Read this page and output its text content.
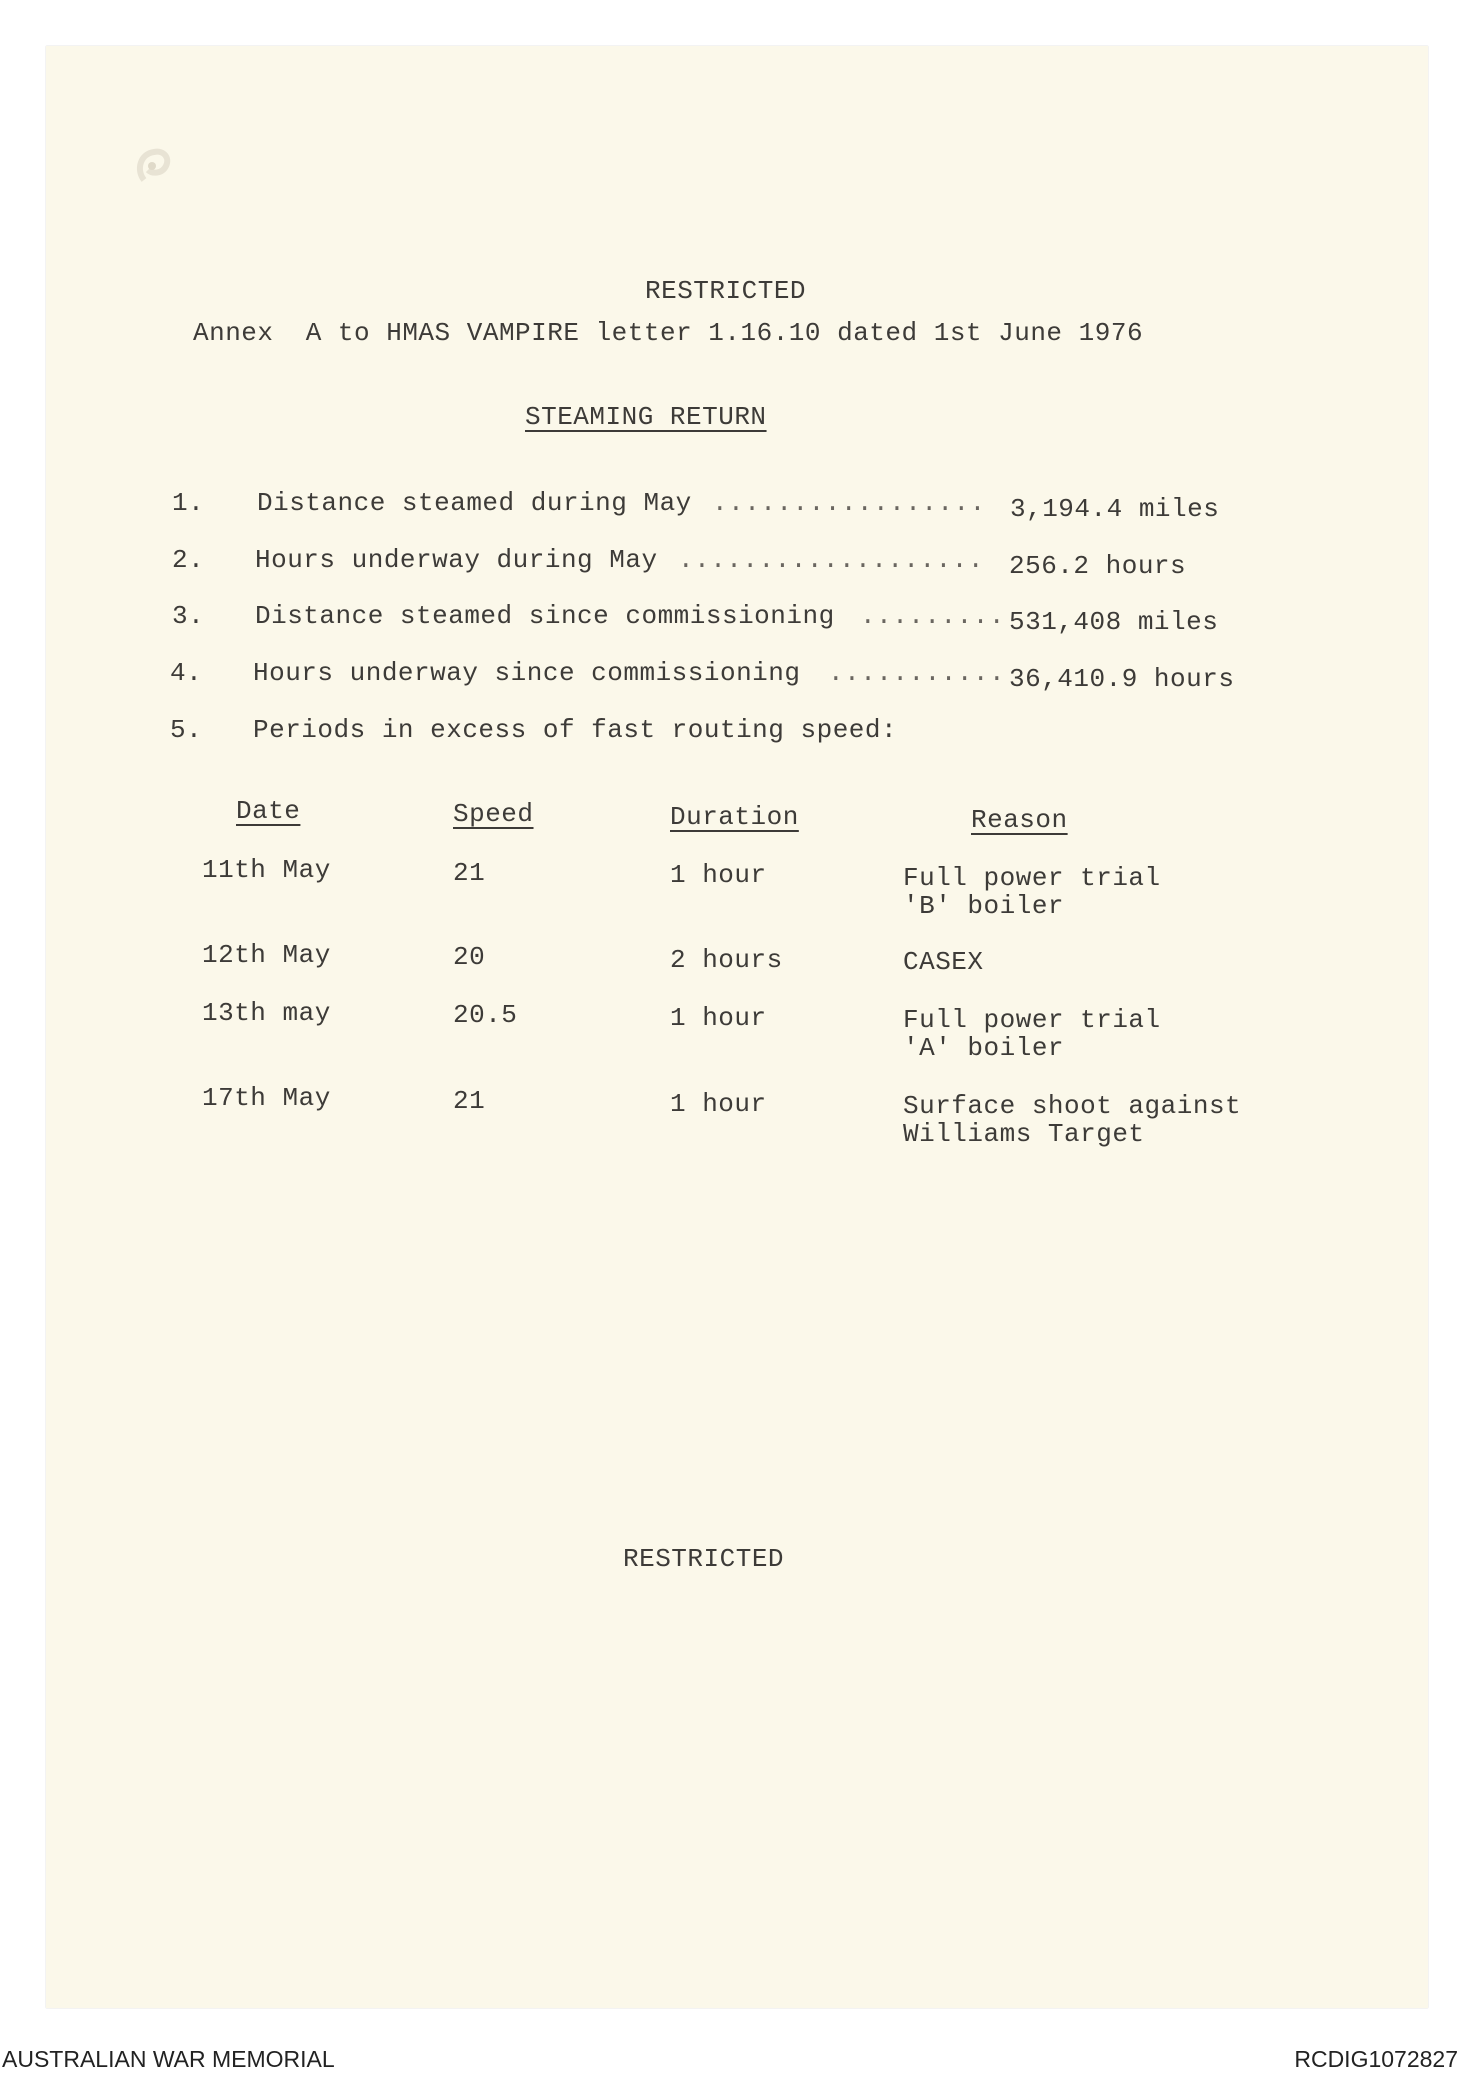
RESTRICTED
Annex  A to HMAS VAMPIRE letter 1.16.10 dated 1st June 1976
STEAMING RETURN
1. Distance steamed during May ................. 3,194.4 miles
2. Hours underway during May ................... 256.2 hours
3. Distance steamed since commissioning ......... 531,408 miles
4. Hours underway since commissioning ........... 36,410.9 hours
5. Periods in excess of fast routing speed:
Date	Speed	Duration	Reason
11th May	21	1 hour	Full power trial
'B' boiler
12th May	20	2 hours	CASEX
13th may	20.5	1 hour	Full power trial
'A' boiler
17th May	21	1 hour	Surface shoot against
Williams Target
RESTRICTED
AUSTRALIAN WAR MEMORIAL	RCDIG1072827
